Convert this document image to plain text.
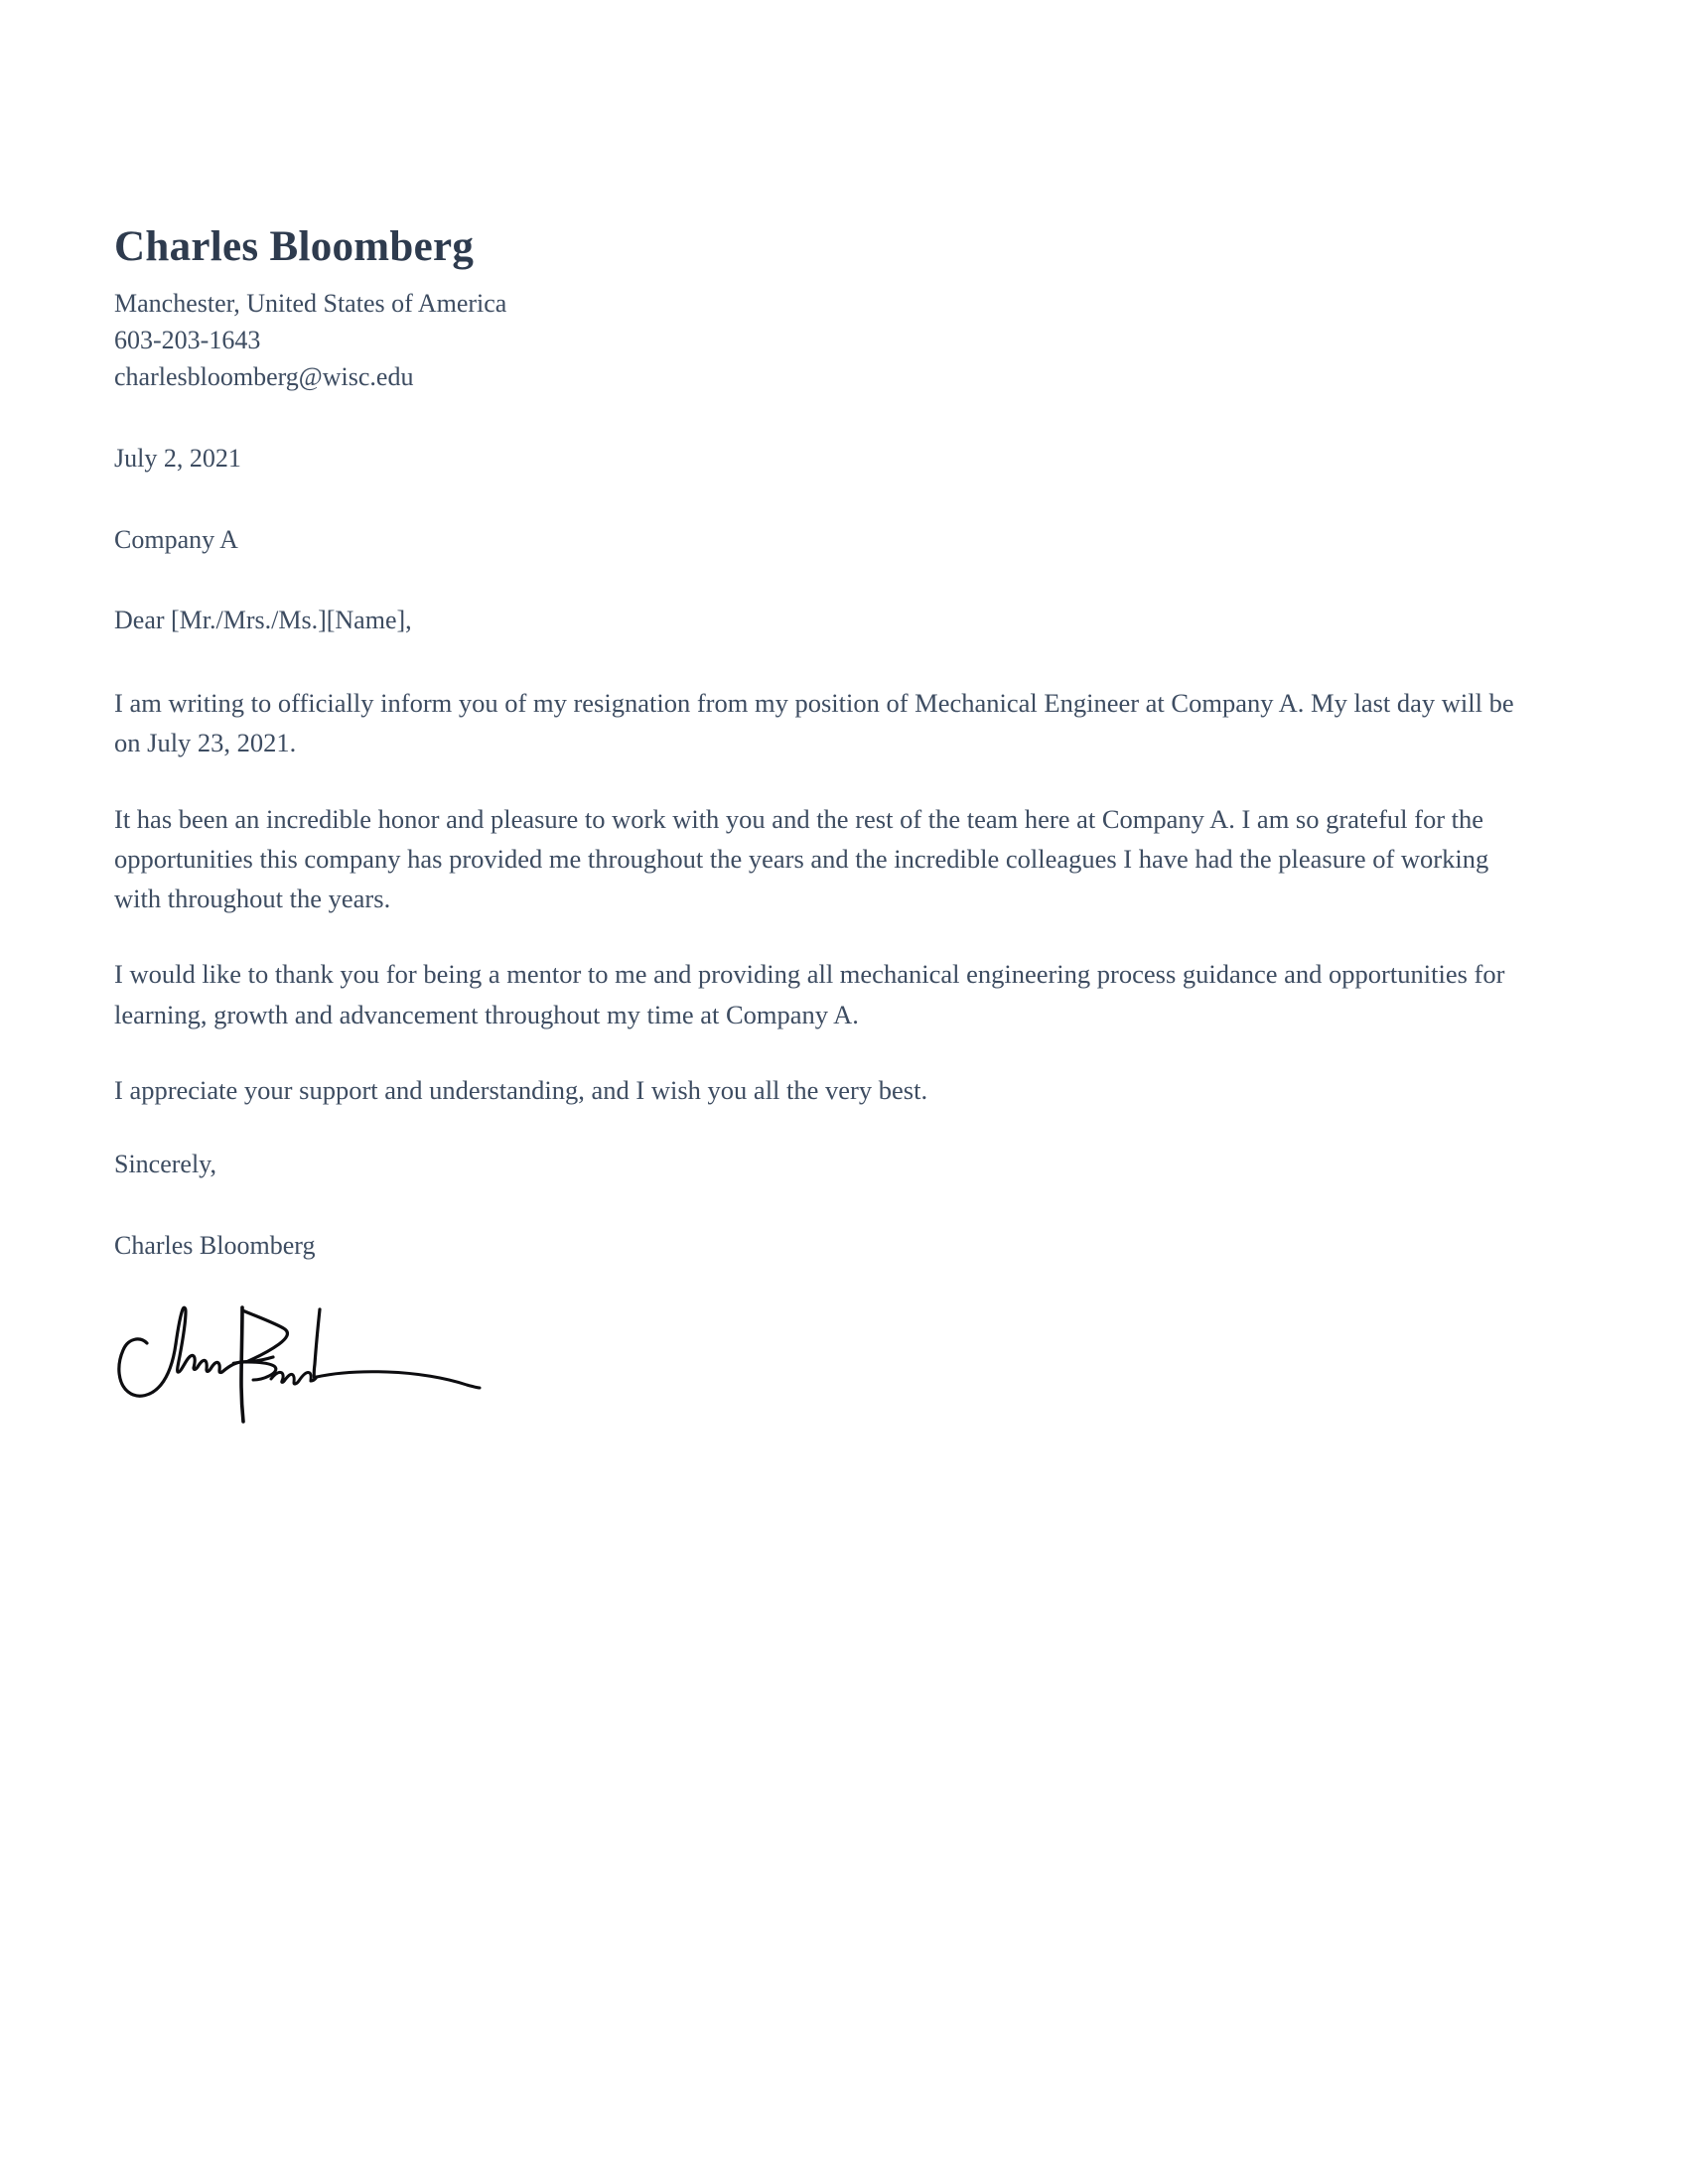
Charles Bloomberg

Manchester, United States of America

603-203-1643

charlesbloomberg@wisc.edu

July 2, 2021

Company A

Dear [Mr./Mrs./Ms.][Name],

I am writing to officially inform you of my resignation from my position of Mechanical Engineer at Company A. My last day will be on July 23, 2021.

It has been an incredible honor and pleasure to work with you and the rest of the team here at Company A. I am so grateful for the opportunities this company has provided me throughout the years and the incredible colleagues I have had the pleasure of working with throughout the years.

I would like to thank you for being a mentor to me and providing all mechanical engineering process guidance and opportunities for learning, growth and advancement throughout my time at Company A.

I appreciate your support and understanding, and I wish you all the very best.

Sincerely,

Charles Bloomberg
